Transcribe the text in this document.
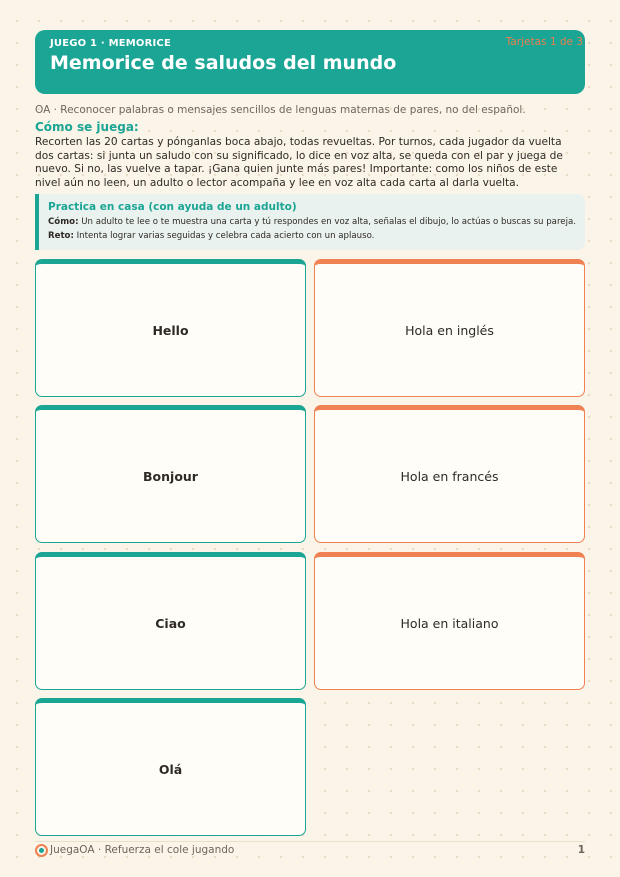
JUEGO 1 · MEMORICE
Memorice de saludos del mundo
Tarjetas 1 de 3
OA · Reconocer palabras o mensajes sencillos de lenguas maternas de pares, no del español.
Cómo se juega:
Recorten las 20 cartas y pónganlas boca abajo, todas revueltas. Por turnos, cada jugador da vuelta dos cartas: si junta un saludo con su significado, lo dice en voz alta, se queda con el par y juega de nuevo. Si no, las vuelve a tapar. ¡Gana quien junte más pares! Importante: como los niños de este nivel aún no leen, un adulto o lector acompaña y lee en voz alta cada carta al darla vuelta.
Practica en casa (con ayuda de un adulto)
Cómo: Un adulto te lee o te muestra una carta y tú respondes en voz alta, señalas el dibujo, lo actúas o buscas su pareja.
Reto: Intenta lograr varias seguidas y celebra cada acierto con un aplauso.
Hello	Hola en inglés
Bonjour	Hola en francés
Ciao	Hola en italiano
Olá
JuegaOA · Refuerza el cole jugando	1
